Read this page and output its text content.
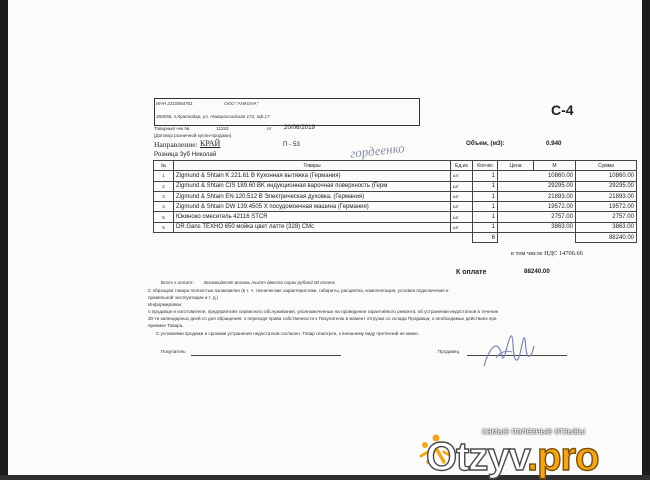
ИНН 2310084761	ООО "АНКОНА"
350056, г.Краснодар, ул. Новороссийская 172, оф.17	С-4
Товарный чек №	11253	от 20/06/2019
(Договор розничной купли-продажи)
Направление: КРАЙ	П - 53	Объем, (м3):	0.940
Розница Зуб Николай	гордеенко
№	Товары	Ед.из	Кол-во	Цена	М	Сумма
1	Zigmund & Shtain K 221.61 B Кухонная вытяжка (Германия)	шт	1	10860.00		10860.00
2	Zigmund & Shtain CIS 189.60 BK индукционная варочная поверхность (Герм	шт	1	29295.00		29295.00
3	Zigmund & Shtain EN 120.512 B Электрическая духовка, (Германия)	шт	1	21893.00		21893.00
4	Zigmund & Shtain DW 139.4505 X посудомоечная машина (Германия)	шт	1	19572.00		19572.00
5	Юкиноко смеситель 42116 STCR	шт	1	2757.00		2757.00
6	DR.Gans ТЕХНО 650 мойка цвет латте (328) СМс	шт	1	3863.00		3863.00
			6			88240.00
в том числе НДС 14706.66
К оплате	88240.00
Всего к оплате: Восемьдесят восемь тысяч двести сорок рублей 00 копеек
С образцом товара полностью ознакомлен (в т. ч. технические характеристики, габариты, расцветка, комплектация, условия подключения и
правильной эксплуатации и т. д.)
Информирован:
о продавце и изготовителе, предприятиях сервисного обслуживания, уполномоченных на проведение гарантийного ремонта; об устранении недостатков в течение
30-ти календарных дней со дня обращения; о переходе права собственности к Покупателю в момент отгрузки со склада Продавца; о необходимых действиях при
приемке Товара.
С условиями продажи и сроками устранения недостатков согласен. Товар осмотрен, к внешнему виду претензий не имею.
Покупатель	Продавец
самые полезные отзывы
Otzyv.pro
